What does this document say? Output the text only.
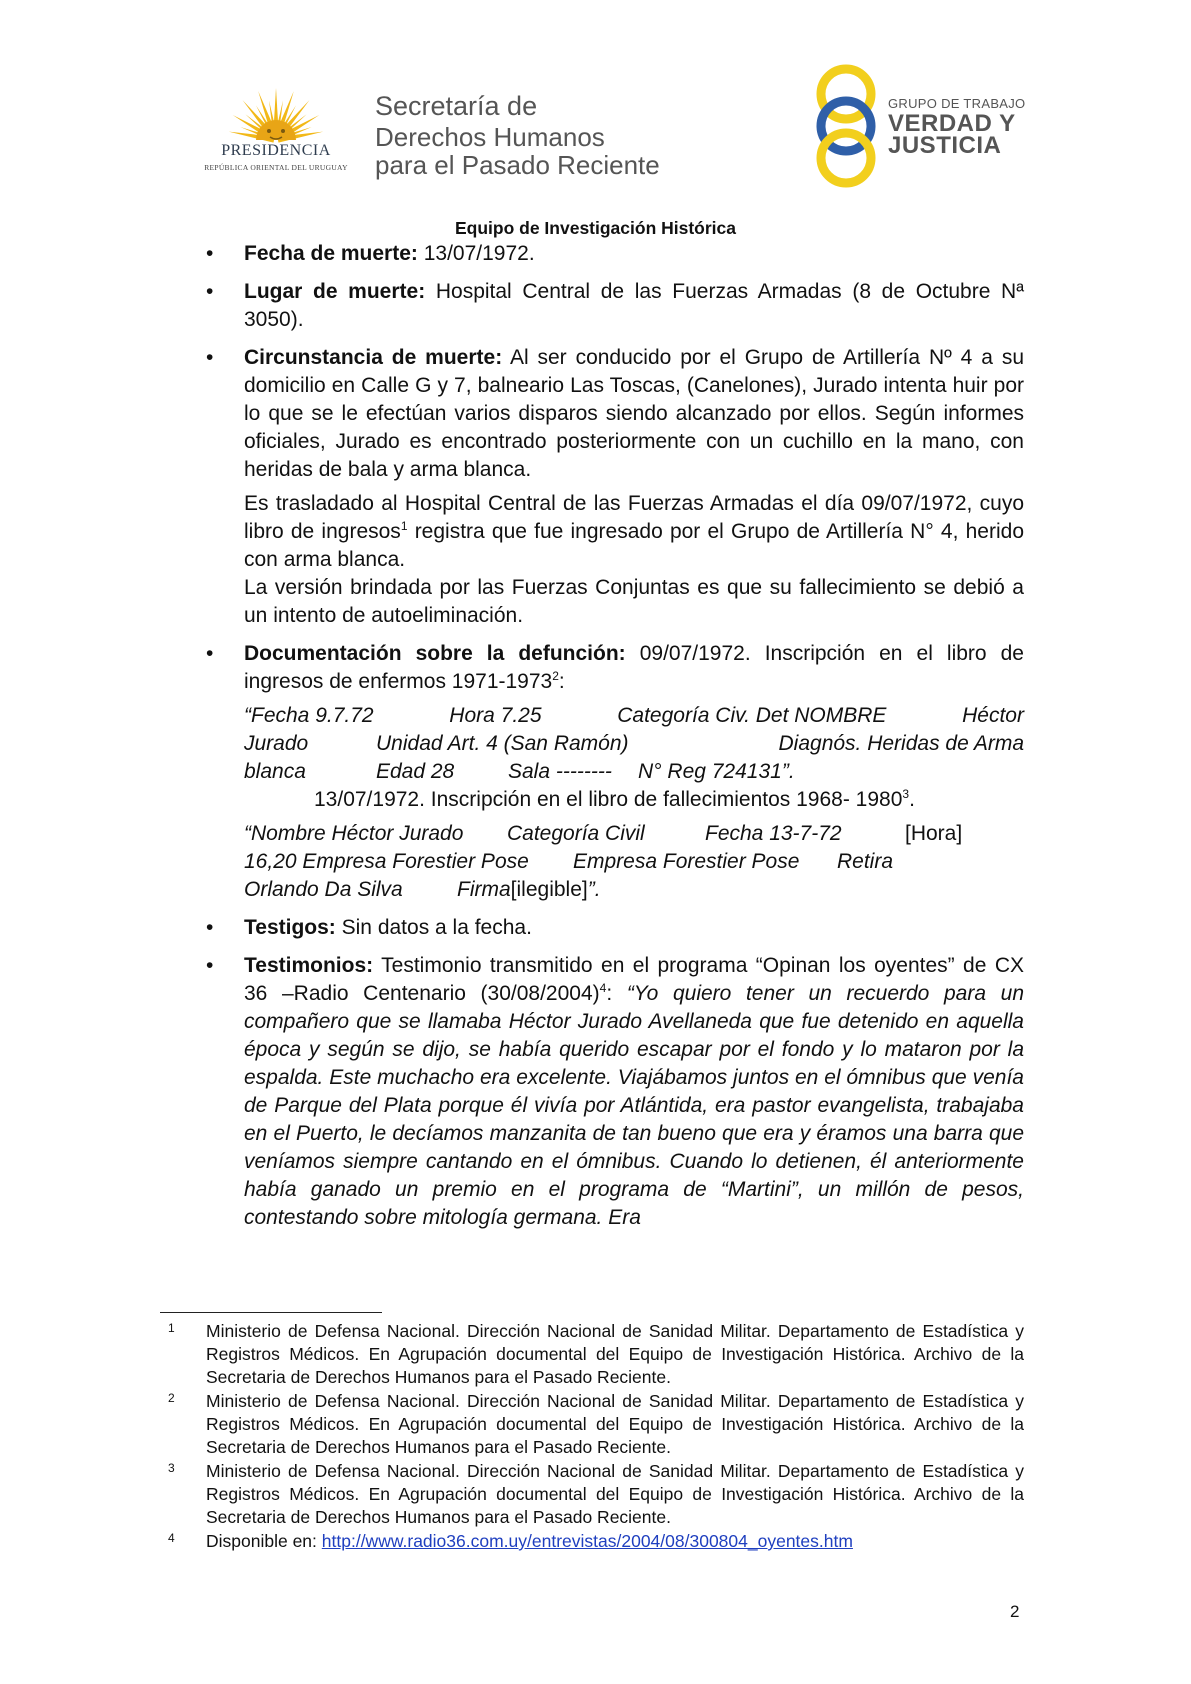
PRESIDENCIA
REPÚBLICA ORIENTAL DEL URUGUAY
Secretaría de
Derechos Humanos
para el Pasado Reciente
GRUPO DE TRABAJO
VERDAD Y
JUSTICIA
Equipo de Investigación Histórica
• Fecha de muerte: 13/07/1972.

• Lugar de muerte: Hospital Central de las Fuerzas Armadas (8 de Octubre Nª 3050).

• Circunstancia de muerte: Al ser conducido por el Grupo de Artillería Nº 4 a su domicilio en Calle G y 7, balneario Las Toscas, (Canelones), Jurado intenta huir por lo que se le efectúan varios disparos siendo alcanzado por ellos. Según informes oficiales, Jurado es encontrado posteriormente con un cuchillo en la mano, con heridas de bala y arma blanca.

Es trasladado al Hospital Central de las Fuerzas Armadas el día 09/07/1972, cuyo libro de ingresos$^1$ registra que fue ingresado por el Grupo de Artillería N° 4, herido con arma blanca.

La versión brindada por las Fuerzas Conjuntas es que su fallecimiento se debió a un intento de autoeliminación.

• Documentación sobre la defunción: 09/07/1972. Inscripción en el libro de ingresos de enfermos 1971-1973$^2$:

“Fecha 9.7.72	Hora 7.25	Categoría Civ. Det NOMBRE	Héctor
Jurado	Unidad Art. 4 (San Ramón)	Diagnós. Heridas de Arma
blanca	Edad 28	Sala --------	N° Reg 724131”.

13/07/1972. Inscripción en el libro de fallecimientos 1968- 1980$^3$.

“Nombre Héctor Jurado	Categoría Civil	Fecha 13-7-72	[Hora]
16,20 Empresa Forestier Pose	Empresa Forestier Pose	Retira
Orlando Da Silva	Firma [ilegible] ”.
• Testigos: Sin datos a la fecha.

• Testimonios: Testimonio transmitido en el programa “Opinan los oyentes” de CX 36 –Radio Centenario $(30/08/2004)^4$: “Yo quiero tener un recuerdo para un compañero que se llamaba Héctor Jurado Avellaneda que fue detenido en aquella época y según se dijo, se había querido escapar por el fondo y lo mataron por la espalda. Este muchacho era excelente. Viajábamos juntos en el ómnibus que venía de Parque del Plata porque él vivía por Atlántida, era pastor evangelista, trabajaba en el Puerto, le decíamos manzanita de tan bueno que era y éramos una barra que veníamos siempre cantando en el ómnibus. Cuando lo detienen, él anteriormente había ganado un premio en el programa de “Martini”, un millón de pesos, contestando sobre mitología germana. Era

1 Ministerio de Defensa Nacional. Dirección Nacional de Sanidad Militar. Departamento de Estadística y Registros Médicos. En Agrupación documental del Equipo de Investigación Histórica. Archivo de la Secretaria de Derechos Humanos para el Pasado Reciente.

2 Ministerio de Defensa Nacional. Dirección Nacional de Sanidad Militar. Departamento de Estadística y Registros Médicos. En Agrupación documental del Equipo de Investigación Histórica. Archivo de la Secretaria de Derechos Humanos para el Pasado Reciente.

3 Ministerio de Defensa Nacional. Dirección Nacional de Sanidad Militar. Departamento de Estadística y Registros Médicos. En Agrupación documental del Equipo de Investigación Histórica. Archivo de la Secretaria de Derechos Humanos para el Pasado Reciente.

4 Disponible en: http://www.radio36.com.uy/entrevistas/2004/08/300804_oyentes.htm

2
